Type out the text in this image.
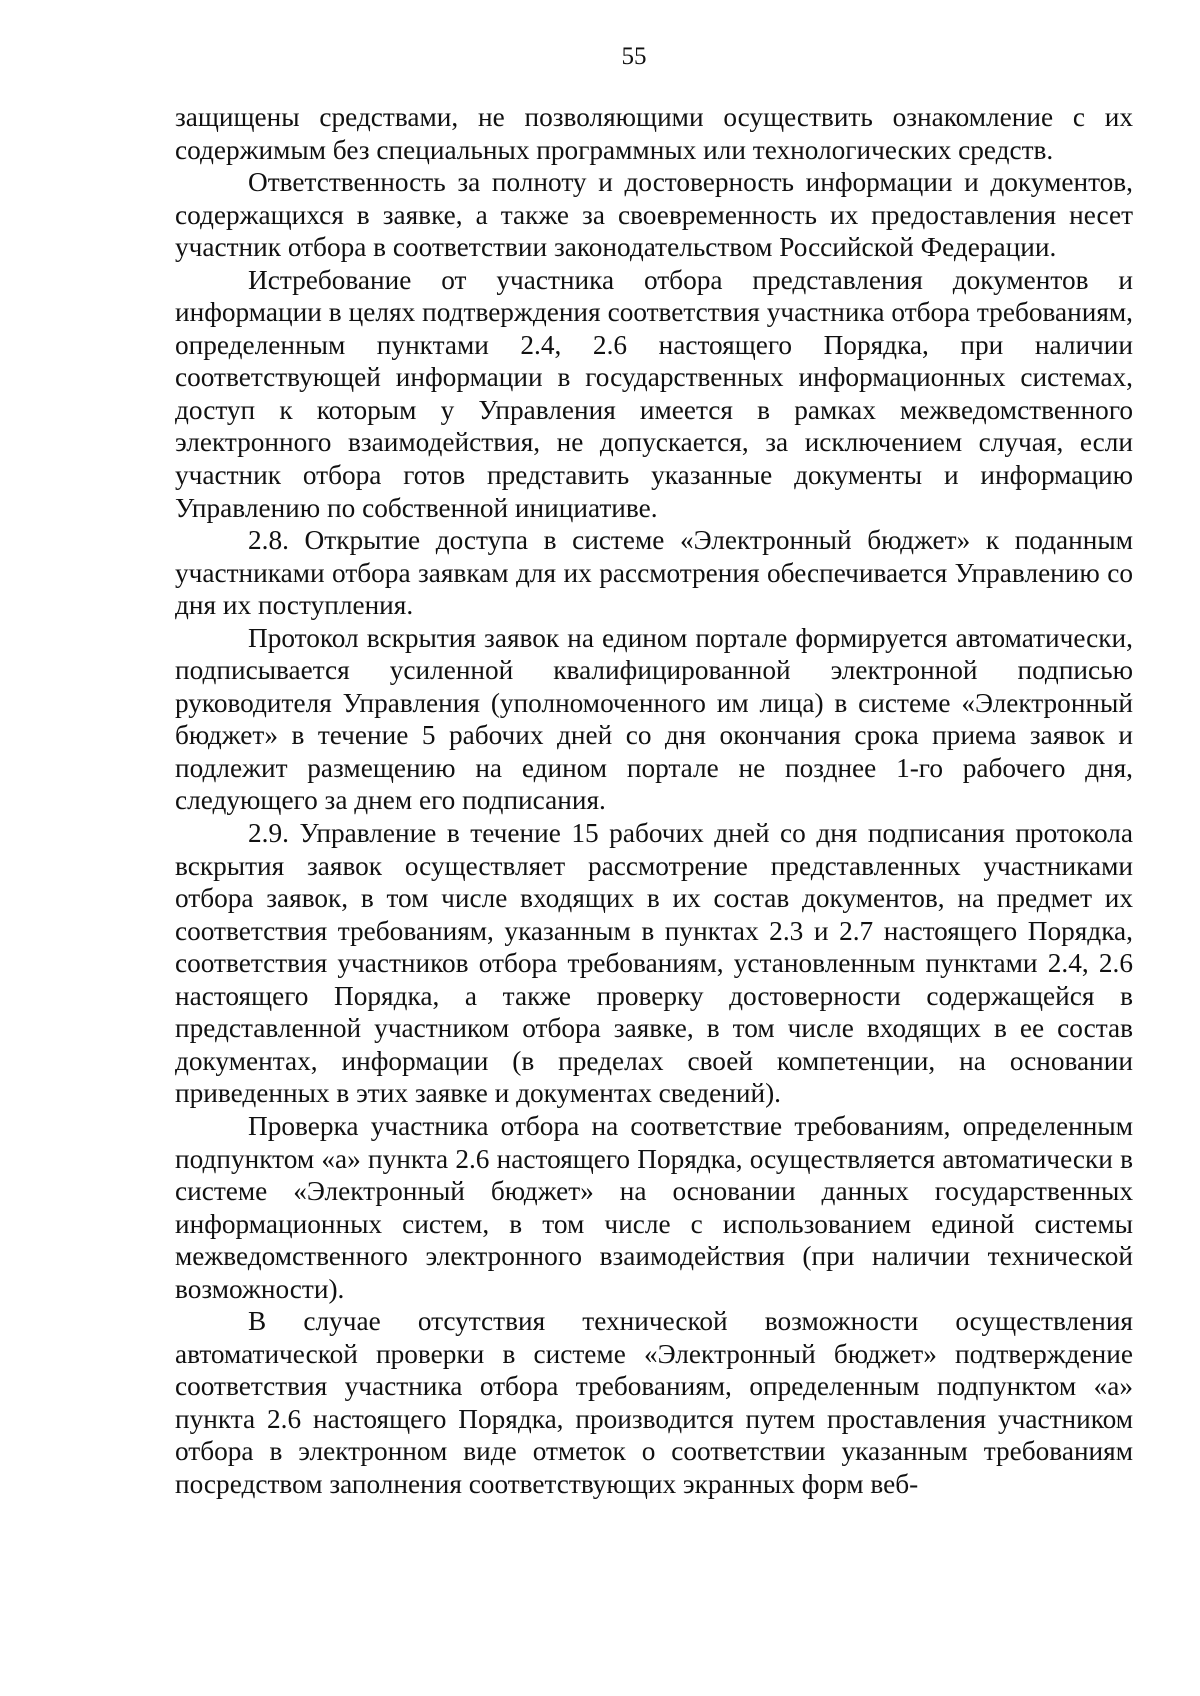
55

защищены средствами, не позволяющими осуществить ознакомление с их содержимым без специальных программных или технологических средств.

Ответственность за полноту и достоверность информации и документов, содержащихся в заявке, а также за своевременность их предоставления несет участник отбора в соответствии законодательством Российской Федерации.

Истребование от участника отбора представления документов и информации в целях подтверждения соответствия участника отбора требованиям, определенным пунктами 2.4, 2.6 настоящего Порядка, при наличии соответствующей информации в государственных информационных системах, доступ к которым у Управления имеется в рамках межведомственного электронного взаимодействия, не допускается, за исключением случая, если участник отбора готов представить указанные документы и информацию Управлению по собственной инициативе.

2.8. Открытие доступа в системе «Электронный бюджет» к поданным участниками отбора заявкам для их рассмотрения обеспечивается Управлению со дня их поступления.

Протокол вскрытия заявок на едином портале формируется автоматически, подписывается усиленной квалифицированной электронной подписью руководителя Управления (уполномоченного им лица) в системе «Электронный бюджет» в течение 5 рабочих дней со дня окончания срока приема заявок и подлежит размещению на едином портале не позднее 1-го рабочего дня, следующего за днем его подписания.

2.9. Управление в течение 15 рабочих дней со дня подписания протокола вскрытия заявок осуществляет рассмотрение представленных участниками отбора заявок, в том числе входящих в их состав документов, на предмет их соответствия требованиям, указанным в пунктах 2.3 и 2.7 настоящего Порядка, соответствия участников отбора требованиям, установленным пунктами 2.4, 2.6 настоящего Порядка, а также проверку достоверности содержащейся в представленной участником отбора заявке, в том числе входящих в ее состав документах, информации (в пределах своей компетенции, на основании приведенных в этих заявке и документах сведений).

Проверка участника отбора на соответствие требованиям, определенным подпунктом «а» пункта 2.6 настоящего Порядка, осуществляется автоматически в системе «Электронный бюджет» на основании данных государственных информационных систем, в том числе с использованием единой системы межведомственного электронного взаимодействия (при наличии технической возможности).

В случае отсутствия технической возможности осуществления автоматической проверки в системе «Электронный бюджет» подтверждение соответствия участника отбора требованиям, определенным подпунктом «а» пункта 2.6 настоящего Порядка, производится путем проставления участником отбора в электронном виде отметок о соответствии указанным требованиям посредством заполнения соответствующих экранных форм веб-
